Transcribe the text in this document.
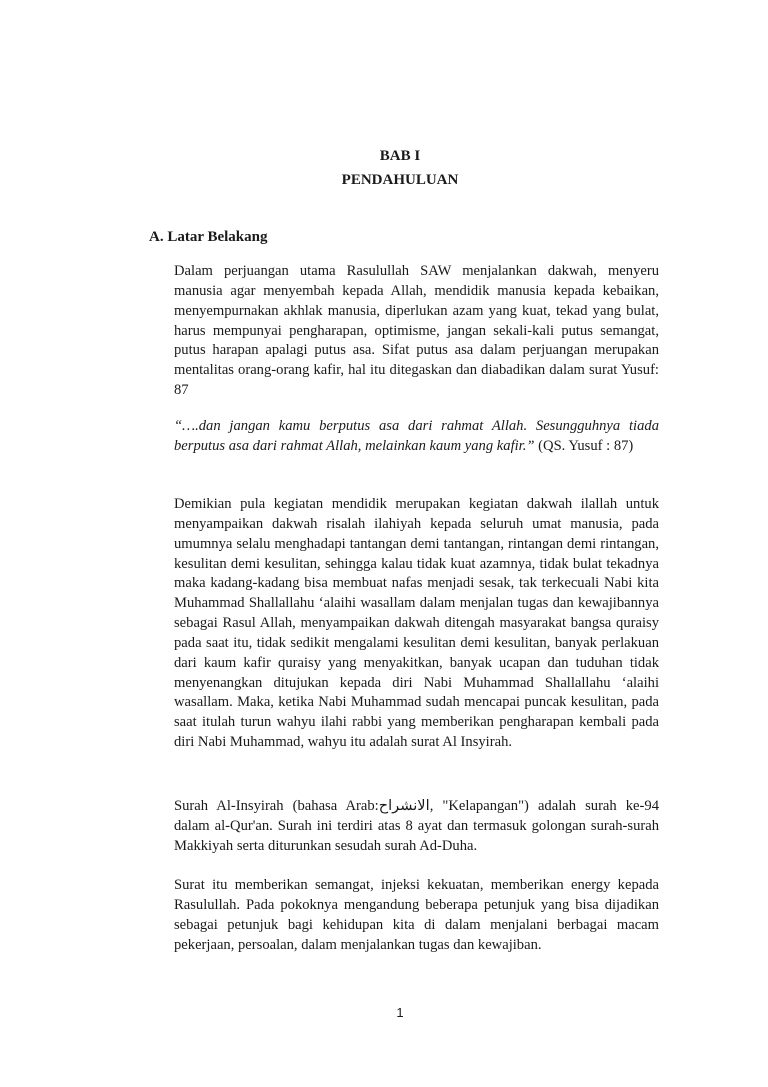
BAB I
PENDAHULUAN
A. Latar Belakang

Dalam perjuangan utama Rasulullah SAW menjalankan dakwah, menyeru manusia agar menyembah kepada Allah, mendidik manusia kepada kebaikan, menyempurnakan akhlak manusia, diperlukan azam yang kuat, tekad yang bulat, harus mempunyai pengharapan, optimisme, jangan sekali-kali putus semangat, putus harapan apalagi putus asa. Sifat putus asa dalam perjuangan merupakan mentalitas orang-orang kafir, hal itu ditegaskan dan diabadikan dalam surat Yusuf: 87

“….dan jangan kamu berputus asa dari rahmat Allah. Sesungguhnya tiada berputus asa dari rahmat Allah, melainkan kaum yang kafir.” (QS. Yusuf : 87)

Demikian pula kegiatan mendidik merupakan kegiatan dakwah ilallah untuk menyampaikan dakwah risalah ilahiyah kepada seluruh umat manusia, pada umumnya selalu menghadapi tantangan demi tantangan, rintangan demi rintangan, kesulitan demi kesulitan, sehingga kalau tidak kuat azamnya, tidak bulat tekadnya maka kadang-kadang bisa membuat nafas menjadi sesak, tak terkecuali Nabi kita Muhammad Shallallahu ‘alaihi wasallam dalam menjalan tugas dan kewajibannya sebagai Rasul Allah, menyampaikan dakwah ditengah masyarakat bangsa quraisy pada saat itu, tidak sedikit mengalami kesulitan demi kesulitan, banyak perlakuan dari kaum kafir quraisy yang menyakitkan, banyak ucapan dan tuduhan tidak menyenangkan ditujukan kepada diri Nabi Muhammad Shallallahu ‘alaihi wasallam. Maka, ketika Nabi Muhammad sudah mencapai puncak kesulitan, pada saat itulah turun wahyu ilahi rabbi yang memberikan pengharapan kembali pada diri Nabi Muhammad, wahyu itu adalah surat Al Insyirah.

Surah Al-Insyirah (bahasa Arab:الانشراح, "Kelapangan") adalah surah ke-94 dalam al-Qur'an. Surah ini terdiri atas 8 ayat dan termasuk golongan surah-surah Makkiyah serta diturunkan sesudah surah Ad-Duha.

Surat itu memberikan semangat, injeksi kekuatan, memberikan energy kepada Rasulullah. Pada pokoknya mengandung beberapa petunjuk yang bisa dijadikan sebagai petunjuk bagi kehidupan kita di dalam menjalani berbagai macam pekerjaan, persoalan, dalam menjalankan tugas dan kewajiban.

1
